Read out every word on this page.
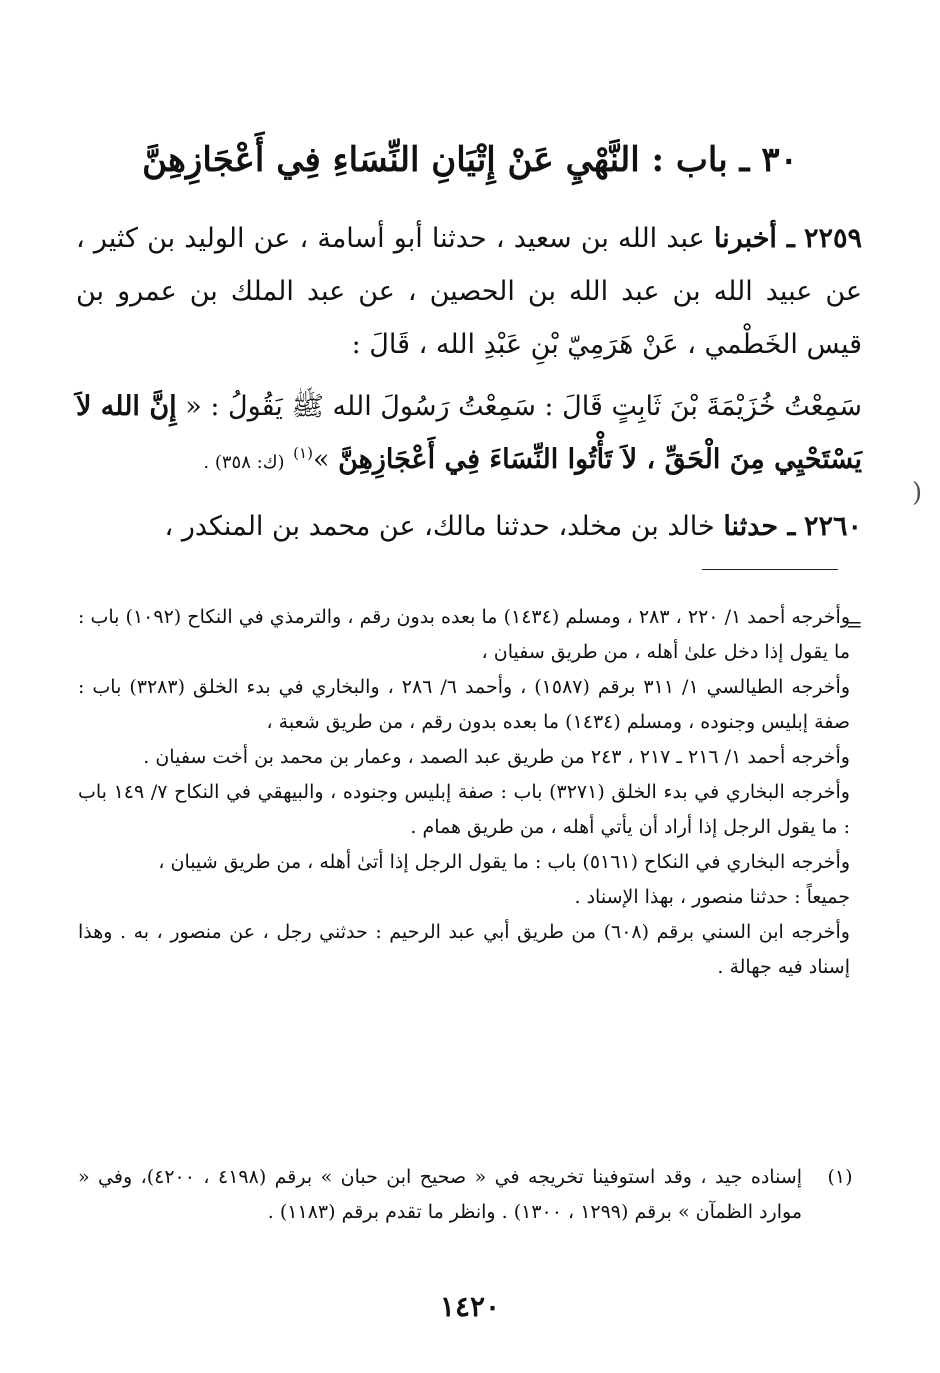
٣٠ ـ باب : النَّهْيِ عَنْ إِتْيَانِ النِّسَاءِ فِي أَعْجَازِهِنَّ
٢٢٥٩ ـ أخبرنا عبد الله بن سعيد ، حدثنا أبو أسامة ، عن الوليد بن كثير ، عن عبيد الله بن عبد الله بن الحصين ، عن عبد الملك بن عمرو بن قيس الخَطْمي ، عَنْ هَرَمِيّ بْنِ عَبْدِ الله ، قَالَ :
سَمِعْتُ خُزَيْمَةَ بْنَ ثَابِتٍ قَالَ : سَمِعْتُ رَسُولَ الله ﷺ يَقُولُ : « إِنَّ الله لاَ يَسْتَحْيِي مِنَ الْحَقِّ ، لاَ تَأْتُوا النِّسَاءَ فِي أَعْجَازِهِنَّ »$^{(١)}$ (ك: ٣٥٨) .
٢٢٦٠ ـ حدثنا خالد بن مخلد، حدثنا مالك، عن محمد بن المنكدر ،
(
=

وأخرجه أحمد ١/ ٢٢٠ ، ٢٨٣ ، ومسلم (١٤٣٤) ما بعده بدون رقم ، والترمذي في النكاح (١٠٩٢) باب : ما يقول إذا دخل علىٰ أهله ، من طريق سفيان ،

وأخرجه الطيالسي ١/ ٣١١ برقم (١٥٨٧) ، وأحمد ٦/ ٢٨٦ ، والبخاري في بدء الخلق (٣٢٨٣) باب : صفة إبليس وجنوده ، ومسلم (١٤٣٤) ما بعده بدون رقم ، من طريق شعبة ،

وأخرجه أحمد ١/ ٢١٦ ـ ٢١٧ ، ٢٤٣ من طريق عبد الصمد ، وعمار بن محمد بن أخت سفيان .

وأخرجه البخاري في بدء الخلق (٣٢٧١) باب : صفة إبليس وجنوده ، والبيهقي في النكاح ٧/ ١٤٩ باب : ما يقول الرجل إذا أراد أن يأتي أهله ، من طريق همام .

وأخرجه البخاري في النكاح (٥١٦١) باب : ما يقول الرجل إذا أتىٰ أهله ، من طريق شيبان ،

جميعاً : حدثنا منصور ، بهذا الإسناد .

وأخرجه ابن السني برقم (٦٠٨) من طريق أبي عبد الرحيم : حدثني رجل ، عن منصور ، به . وهذا إسناد فيه جهالة .

(١)
إسناده جيد ، وقد استوفينا تخريجه في « صحيح ابن حبان » برقم (٤١٩٨ ، ٤٢٠٠)، وفي « موارد الظمآن » برقم (١٢٩٩ ، ١٣٠٠) . وانظر ما تقدم برقم (١١٨٣) .
١٤٢٠
